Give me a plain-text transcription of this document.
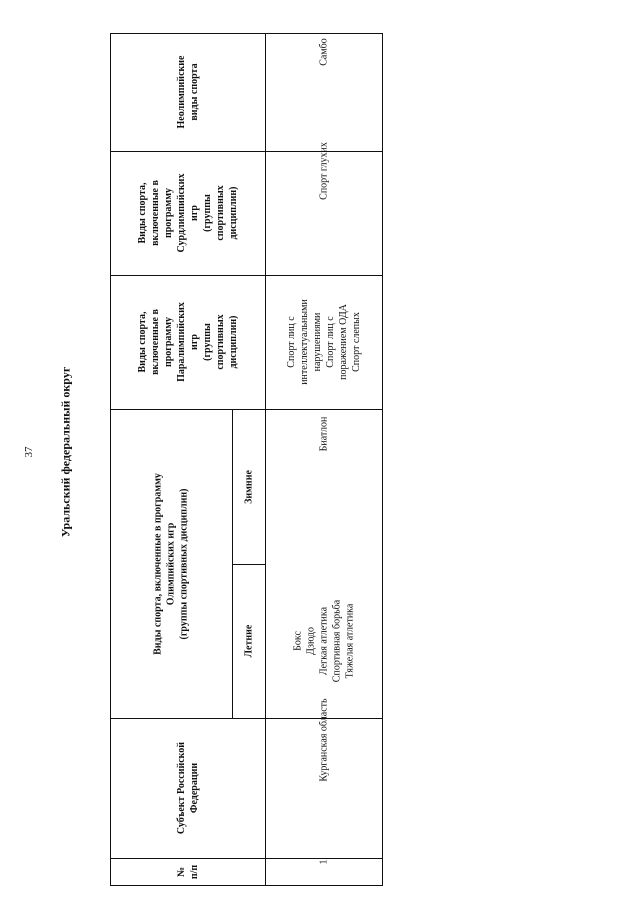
37 Уральский федеральный округ
№ п/п
Субъект Российской Федерации
Виды спорта, включенные в программу Олимпийских игр (группы спортивных дисциплин)
Летние
Зимние
Виды спорта, включенные в программу Паралимпийских игр (группы спортивных дисциплин)
Виды спорта, включенные в программу Сурдлимпийских игр (группы спортивных дисциплин)
Неолимпийские виды спорта
1
Курганская область
Бокс Дзюдо Легкая атлетика Спортивная борьба Тяжелая атлетика
Биатлон
Спорт лиц с интеллектуальными нарушениями Спорт лиц с поражением ОДА Спорт слепых
Спорт глухих
Самбо
